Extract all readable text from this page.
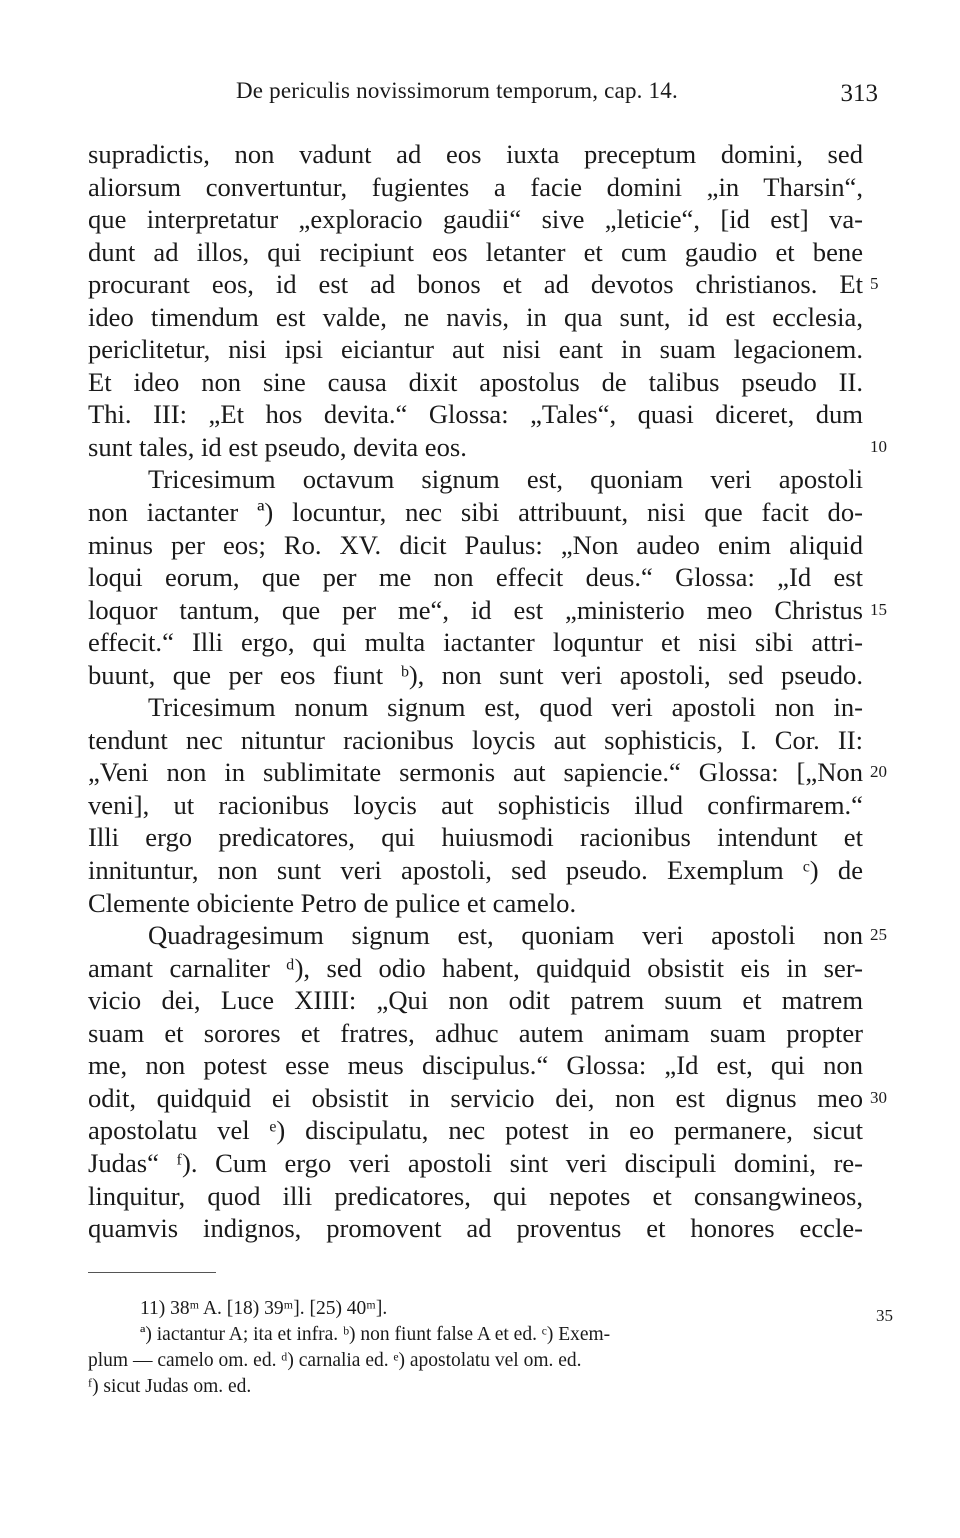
De periculis novissimorum temporum, cap. 14.	313
supradictis, non vadunt ad eos iuxta preceptum domini, sed
aliorsum convertuntur, fugientes a facie domini „in Tharsin“,
que interpretatur „exploracio gaudii“ sive „leticie“, [id est] va-
dunt ad illos, qui recipiunt eos letanter et cum gaudio et bene
procurant eos, id est ad bonos et ad devotos christianos. Et
ideo timendum est valde, ne navis, in qua sunt, id est ecclesia,
periclitetur, nisi ipsi eiciantur aut nisi eant in suam legacionem.
Et ideo non sine causa dixit apostolus de talibus pseudo II.
Thi. III: „Et hos devita.“ Glossa: „Tales“, quasi diceret, dum
sunt tales, id est pseudo, devita eos.
Tricesimum octavum signum est, quoniam veri apostoli
non iactanter ª) locuntur, nec sibi attribuunt, nisi que facit do-
minus per eos; Ro. XV. dicit Paulus: „Non audeo enim aliquid
loqui eorum, que per me non effecit deus.“ Glossa: „Id est
loquor tantum, que per me“, id est „ministerio meo Christus
effecit.“ Illi ergo, qui multa iactanter loquntur et nisi sibi attri-
buunt, que per eos fiunt ᵇ), non sunt veri apostoli, sed pseudo.
Tricesimum nonum signum est, quod veri apostoli non in-
tendunt nec nituntur racionibus loycis aut sophisticis, I. Cor. II:
„Veni non in sublimitate sermonis aut sapiencie.“ Glossa: [„Non
veni], ut racionibus loycis aut sophisticis illud confirmarem.“
Illi ergo predicatores, qui huiusmodi racionibus intendunt et
innituntur, non sunt veri apostoli, sed pseudo. Exemplum ᶜ) de
Clemente obiciente Petro de pulice et camelo.
Quadragesimum signum est, quoniam veri apostoli non
amant carnaliter ᵈ), sed odio habent, quidquid obsistit eis in ser-
vicio dei, Luce XIIII: „Qui non odit patrem suum et matrem
suam et sorores et fratres, adhuc autem animam suam propter
me, non potest esse meus discipulus.“ Glossa: „Id est, qui non
odit, quidquid ei obsistit in servicio dei, non est dignus meo
apostolatu vel ᵉ) discipulatu, nec potest in eo permanere, sicut
Judas“ ᶠ). Cum ergo veri apostoli sint veri discipuli domini, re-
linquitur, quod illi predicatores, qui nepotes et consangwineos,
quamvis indignos, promovent ad proventus et honores eccle-
5
10
15
20
25
30
11) 38ᵐ A. [18) 39ᵐ]. [25) 40ᵐ].
ª) iactantur A; ita et infra. ᵇ) non fiunt false A et ed. ᶜ) Exem-
plum — camelo om. ed. ᵈ) carnalia ed. ᵉ) apostolatu vel om. ed.
ᶠ) sicut Judas om. ed.
35
